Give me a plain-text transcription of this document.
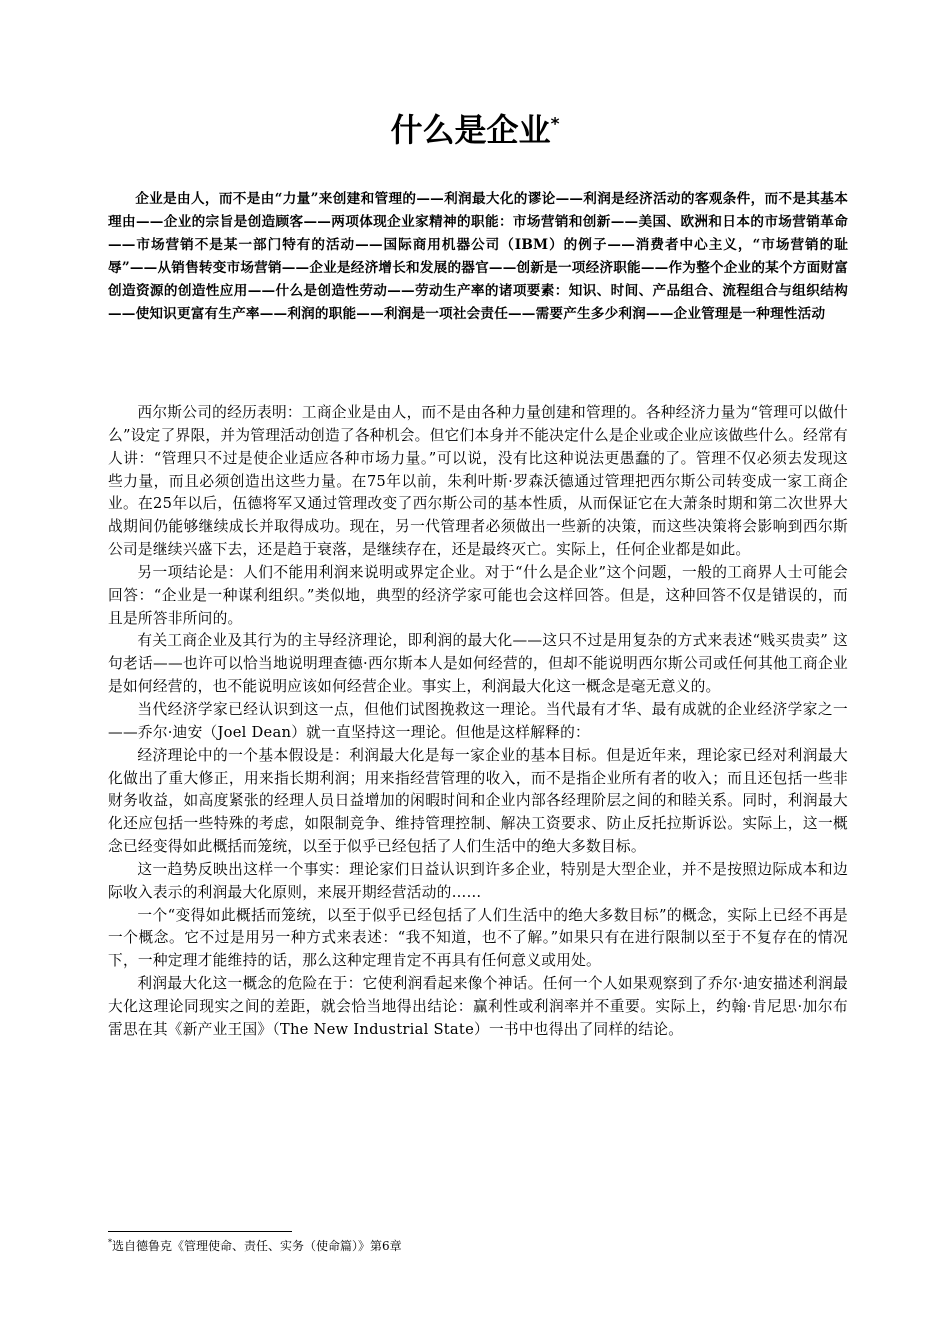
什么是企业*

企业是由人，而不是由“力量”来创建和管理的——利润最大化的谬论——利润是经济活动的客观条件，而不是其基本理由——企业的宗旨是创造顾客——两项体现企业家精神的职能：市场营销和创新——美国、欧洲和日本的市场营销革命——市场营销不是某一部门特有的活动——国际商用机器公司（IBM）的例子——消费者中心主义，“市场营销的耻辱”——从销售转变市场营销——企业是经济增长和发展的器官——创新是一项经济职能——作为整个企业的某个方面财富创造资源的创造性应用——什么是创造性劳动——劳动生产率的诸项要素：知识、时间、产品组合、流程组合与组织结构——使知识更富有生产率——利润的职能——利润是一项社会责任——需要产生多少利润——企业管理是一种理性活动

西尔斯公司的经历表明：工商企业是由人，而不是由各种力量创建和管理的。各种经济力量为“管理可以做什么”设定了界限，并为管理活动创造了各种机会。但它们本身并不能决定什么是企业或企业应该做些什么。经常有人讲：“管理只不过是使企业适应各种市场力量。”可以说，没有比这种说法更愚蠢的了。管理不仅必须去发现这些力量，而且必须创造出这些力量。在75年以前，朱利叶斯·罗森沃德通过管理把西尔斯公司转变成一家工商企业。在25年以后，伍德将军又通过管理改变了西尔斯公司的基本性质，从而保证它在大萧条时期和第二次世界大战期间仍能够继续成长并取得成功。现在，另一代管理者必须做出一些新的决策，而这些决策将会影响到西尔斯公司是继续兴盛下去，还是趋于衰落，是继续存在，还是最终灭亡。实际上，任何企业都是如此。

另一项结论是：人们不能用利润来说明或界定企业。对于“什么是企业”这个问题，一般的工商界人士可能会回答：“企业是一种谋利组织。”类似地，典型的经济学家可能也会这样回答。但是，这种回答不仅是错误的，而且是所答非所问的。

有关工商企业及其行为的主导经济理论，即利润的最大化——这只不过是用复杂的方式来表述“贱买贵卖” 这句老话——也许可以恰当地说明理查德·西尔斯本人是如何经营的，但却不能说明西尔斯公司或任何其他工商企业是如何经营的，也不能说明应该如何经营企业。事实上，利润最大化这一概念是毫无意义的。

当代经济学家已经认识到这一点，但他们试图挽救这一理论。当代最有才华、最有成就的企业经济学家之一——乔尔·迪安（Joel Dean）就一直坚持这一理论。但他是这样解释的：

经济理论中的一个基本假设是：利润最大化是每一家企业的基本目标。但是近年来，理论家已经对利润最大化做出了重大修正，用来指长期利润；用来指经营管理的收入，而不是指企业所有者的收入；而且还包括一些非财务收益，如高度紧张的经理人员日益增加的闲暇时间和企业内部各经理阶层之间的和睦关系。同时，利润最大化还应包括一些特殊的考虑，如限制竞争、维持管理控制、解决工资要求、防止反托拉斯诉讼。实际上，这一概念已经变得如此概括而笼统，以至于似乎已经包括了人们生活中的绝大多数目标。

这一趋势反映出这样一个事实：理论家们日益认识到许多企业，特别是大型企业，并不是按照边际成本和边际收入表示的利润最大化原则，来展开期经营活动的……

一个“变得如此概括而笼统，以至于似乎已经包括了人们生活中的绝大多数目标”的概念，实际上已经不再是一个概念。它不过是用另一种方式来表述：“我不知道，也不了解。”如果只有在进行限制以至于不复存在的情况下，一种定理才能维持的话，那么这种定理肯定不再具有任何意义或用处。

利润最大化这一概念的危险在于：它使利润看起来像个神话。任何一个人如果观察到了乔尔·迪安描述利润最大化这理论同现实之间的差距，就会恰当地得出结论：赢利性或利润率并不重要。实际上，约翰·肯尼思·加尔布雷思在其《新产业王国》（The New Industrial State）一书中也得出了同样的结论。

*选自德鲁克《管理使命、责任、实务（使命篇）》第6章
